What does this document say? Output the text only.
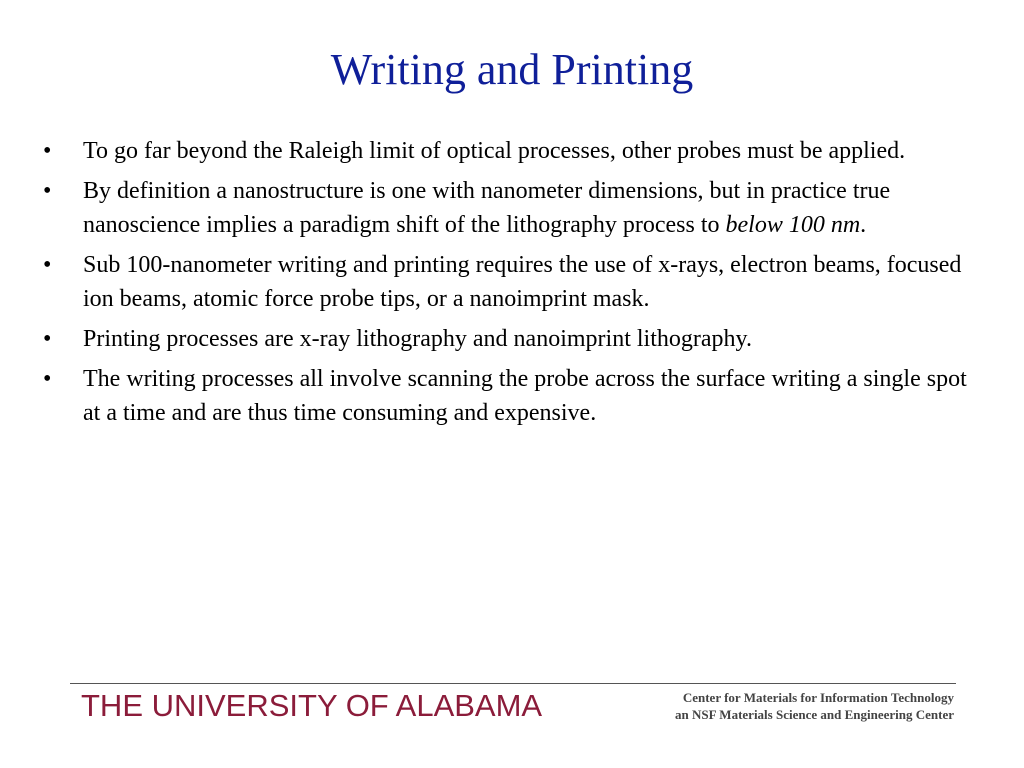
Writing and Printing
• To go far beyond the Raleigh limit of optical processes, other probes must be applied.
• By definition a nanostructure is one with nanometer dimensions, but in practice true nanoscience implies a paradigm shift of the lithography process to below 100 nm.
• Sub 100-nanometer writing and printing requires the use of x-rays, electron beams, focused ion beams, atomic force probe tips, or a nanoimprint mask.
• Printing processes are x-ray lithography and nanoimprint lithography.
• The writing processes all involve scanning the probe across the surface writing a single spot at a time and are thus time consuming and expensive.
THE UNIVERSITY OF ALABAMA	Center for Materials for Information Technology
an NSF Materials Science and Engineering Center
